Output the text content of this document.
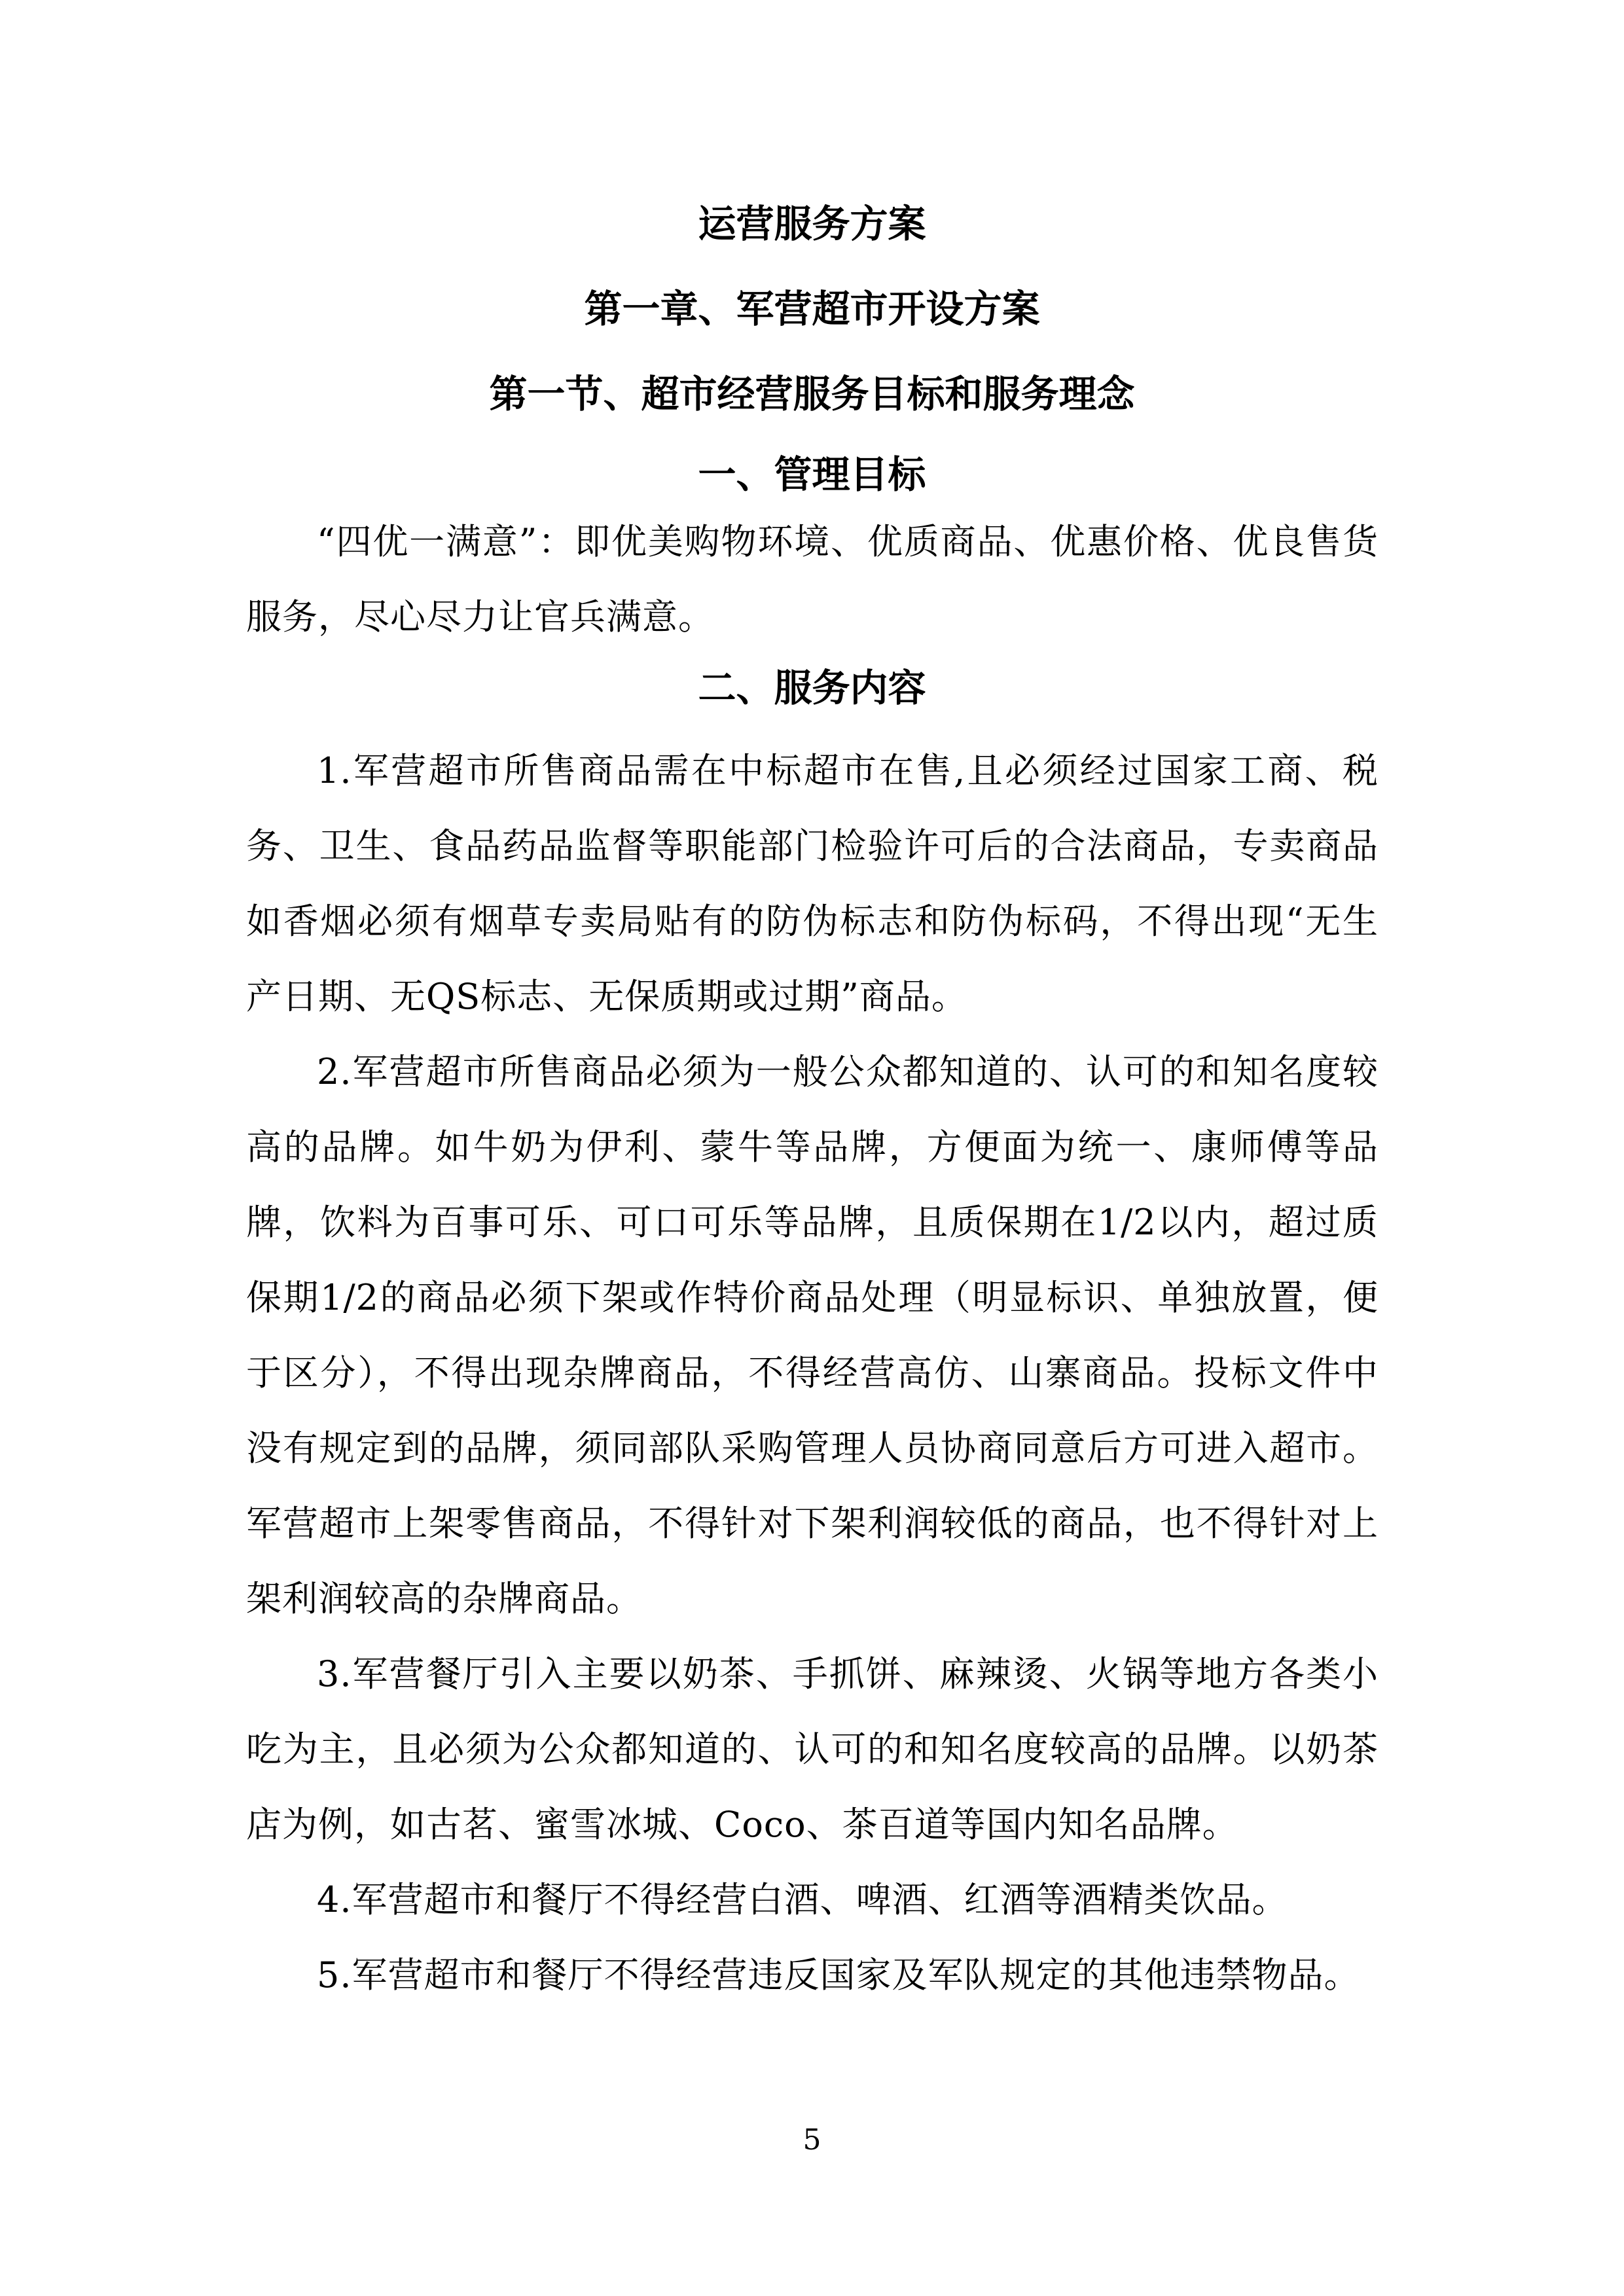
运营服务方案
第一章、军营超市开设方案
第一节、超市经营服务目标和服务理念
一、管理目标
“四优一满意”：即优美购物环境、优质商品、优惠价格、优良售货服务，尽心尽力让官兵满意。
二、服务内容
1.军营超市所售商品需在中标超市在售,且必须经过国家工商、税务、卫生、食品药品监督等职能部门检验许可后的合法商品，专卖商品如香烟必须有烟草专卖局贴有的防伪标志和防伪标码，不得出现“无生产日期、无QS标志、无保质期或过期”商品。
2.军营超市所售商品必须为一般公众都知道的、认可的和知名度较高的品牌。如牛奶为伊利、蒙牛等品牌，方便面为统一、康师傅等品牌，饮料为百事可乐、可口可乐等品牌，且质保期在1/2以内，超过质保期1/2的商品必须下架或作特价商品处理（明显标识、单独放置，便于区分），不得出现杂牌商品，不得经营高仿、山寨商品。投标文件中没有规定到的品牌，须同部队采购管理人员协商同意后方可进入超市。军营超市上架零售商品，不得针对下架利润较低的商品，也不得针对上架利润较高的杂牌商品。
3.军营餐厅引入主要以奶茶、手抓饼、麻辣烫、火锅等地方各类小吃为主，且必须为公众都知道的、认可的和知名度较高的品牌。以奶茶店为例，如古茗、蜜雪冰城、Coco、茶百道等国内知名品牌。
4.军营超市和餐厅不得经营白酒、啤酒、红酒等酒精类饮品。
5.军营超市和餐厅不得经营违反国家及军队规定的其他违禁物品。
5
